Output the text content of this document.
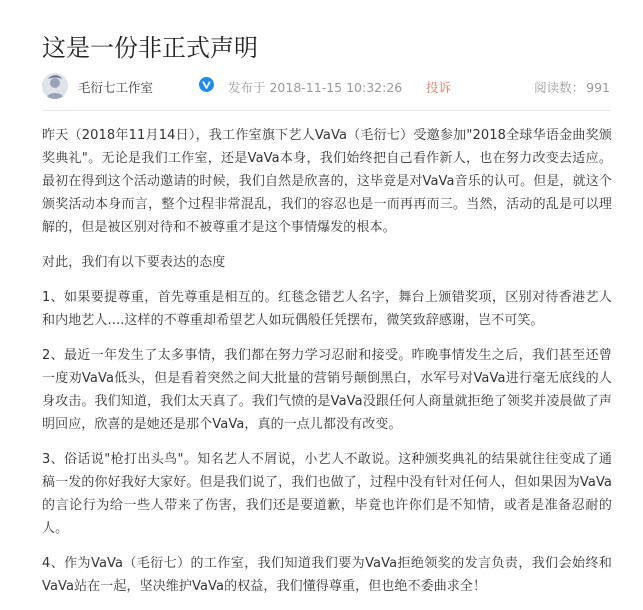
这是一份非正式声明
毛衍七工作室	发布于 2018-11-15 10:32:26 投诉	阅读数： 991

昨天（2018年11月14日），我工作室旗下艺人VaVa（毛衍七）受邀参加"2018全球华语金曲奖颁奖典礼"。无论是我们工作室，还是VaVa本身，我们始终把自己看作新人，也在努力改变去适应。最初在得到这个活动邀请的时候，我们自然是欣喜的，这毕竟是对VaVa音乐的认可。但是，就这个颁奖活动本身而言，整个过程非常混乱，我们的容忍也是一而再再而三。当然，活动的乱是可以理解的，但是被区别对待和不被尊重才是这个事情爆发的根本。

对此，我们有以下要表达的态度

1、如果要提尊重，首先尊重是相互的。红毯念错艺人名字，舞台上颁错奖项，区别对待香港艺人和内地艺人....这样的不尊重却希望艺人如玩偶般任凭摆布，微笑致辞感谢，岂不可笑。

2、最近一年发生了太多事情，我们都在努力学习忍耐和接受。昨晚事情发生之后，我们甚至还曾一度劝VaVa低头，但是看着突然之间大批量的营销号颠倒黑白，水军号对VaVa进行毫无底线的人身攻击。我们知道，我们太天真了。我们气愤的是VaVa没跟任何人商量就拒绝了领奖并凌晨做了声明回应，欣喜的是她还是那个VaVa，真的一点儿都没有改变。

3、俗话说"枪打出头鸟"。知名艺人不屑说，小艺人不敢说。这种颁奖典礼的结果就往往变成了通稿一发的你好我好大家好。但是我们说了，我们也做了，过程中没有针对任何人，但如果因为VaVa的言论行为给一些人带来了伤害，我们还是要道歉，毕竟也许你们是不知情，或者是准备忍耐的人。

4、作为VaVa（毛衍七）的工作室，我们知道我们要为VaVa拒绝领奖的发言负责，我们会始终和VaVa站在一起，坚决维护VaVa的权益，我们懂得尊重，但也绝不委曲求全！
